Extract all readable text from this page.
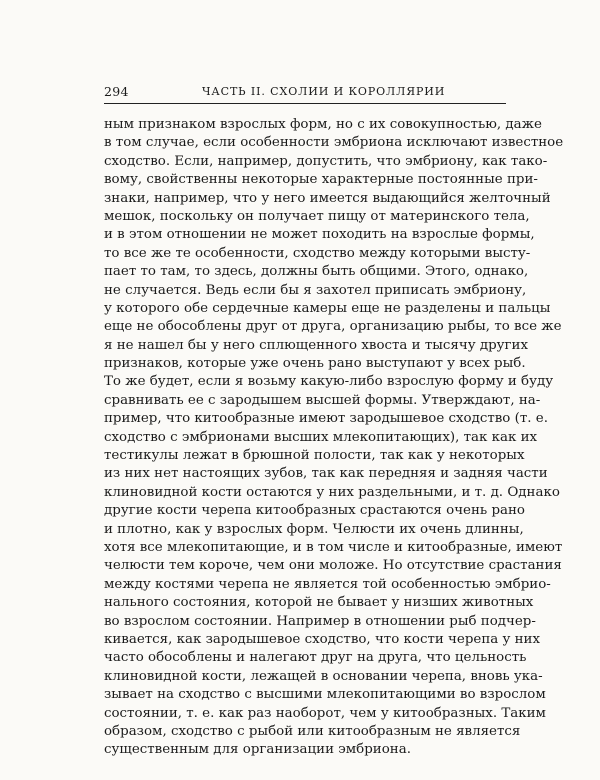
294	ЧАСТЬ II. СХОЛИИ И КОРОЛЛЯРИИ
ным признаком взрослых форм, но с их совокупностью, даже
в том случае, если особенности эмбриона исключают известное
сходство. Если, например, допустить, что эмбриону, как тако-
вому, свойственны некоторые характерные постоянные при-
знаки, например, что у него имеется выдающийся желточный
мешок, поскольку он получает пищу от материнского тела,
и в этом отношении не может походить на взрослые формы,
то все же те особенности, сходство между которыми высту-
пает то там, то здесь, должны быть общими. Этого, однако,
не случается. Ведь если бы я захотел приписать эмбриону,
у которого обе сердечные камеры еще не разделены и пальцы
еще не обособлены друг от друга, организацию рыбы, то все же
я не нашел бы у него сплющенного хвоста и тысячу других
признаков, которые уже очень рано выступают у всех рыб.
То же будет, если я возьму какую-либо взрослую форму и буду
сравнивать ее с зародышем высшей формы. Утверждают, на-
пример, что китообразные имеют зародышевое сходство (т. е.
сходство с эмбрионами высших млекопитающих), так как их
тестикулы лежат в брюшной полости, так как у некоторых
из них нет настоящих зубов, так как передняя и задняя части
клиновидной кости остаются у них раздельными, и т. д. Однако
другие кости черепа китообразных срастаются очень рано
и плотно, как у взрослых форм. Челюсти их очень длинны,
хотя все млекопитающие, и в том числе и китообразные, имеют
челюсти тем короче, чем они моложе. Но отсутствие срастания
между костями черепа не является той особенностью эмбрио-
нального состояния, которой не бывает у низших животных
во взрослом состоянии. Например в отношении рыб подчер-
кивается, как зародышевое сходство, что кости черепа у них
часто обособлены и налегают друг на друга, что цельность
клиновидной кости, лежащей в основании черепа, вновь ука-
зывает на сходство с высшими млекопитающими во взрослом
состоянии, т. е. как раз наоборот, чем у китообразных. Таким
образом, сходство с рыбой или китообразным не является
существенным для организации эмбриона.
